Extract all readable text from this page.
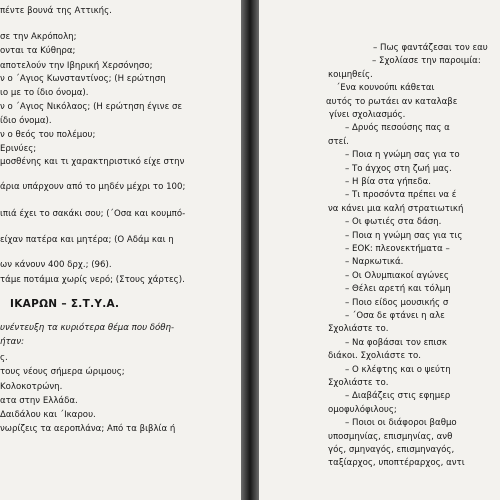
πέντε βουνά της Αττικής.
σε την Ακρόπολη;
ονται τα Κύθηρα;
αποτελούν την Ιβηρική Χερσόνησο;
ν ο ΄Αγιος Κωνσταντίνος; (Η ερώτηση
ιο με το ίδιο όνομα).
ν ο ΄Αγιος Νικόλαος; (Η ερώτηση έγινε σε
ίδιο όνομα).
ν ο θεός του πολέμου;
Ερινύες;
μοσθένης και τι χαρακτηριστικό είχε στην
άρια υπάρχουν από το μηδέν μέχρι το 100;
ιπιά έχει το σακάκι σου; (΄Οσα και κουμπό-
είχαν πατέρα και μητέρα; (Ο Αδάμ και η
ων κάνουν 400 δρχ.; (96).
τάμε ποτάμια χωρίς νερό; (Στους χάρτες).
ΙΚΑΡΩΝ – Σ.Τ.Υ.Α.
υνέντευξη τα κυριότερα θέμα που δόθη-
ήταν:
ς.
τους νέους σήμερα ώριμους;
Κολοκοτρώνη.
ατα στην Ελλάδα.
Δαιδάλου και ΄Ικαρου.
νωρίζεις τα αεροπλάνα; Από τα βιβλία ή
– Πως φαντάζεσαι τον εαυ
– Σχολίασε την παροιμία:
κοιμηθείς.
΄Ενα κουνούπι κάθεται
αυτός το ρωτάει αν καταλαβε
γίνει σχολιασμός.
– Δρυός πεσούσης πας α
στεί.
– Ποια η γνώμη σας για το
– Το άγχος στη ζωή μας.
– Η βία στα γήπεδα.
– Τι προσόντα πρέπει να έ
να κάνει μια καλή στρατιωτική
– Οι φωτιές στα δάση.
– Ποια η γνώμη σας για τις
– ΕΟΚ: πλεονεκτήματα –
– Ναρκωτικά.
– Οι Ολυμπιακοί αγώνες
– Θέλει αρετή και τόλμη
– Ποιο είδος μουσικής σ
– ΄Οσα δε φτάνει η αλε
Σχολιάστε το.
– Να φοβάσαι τον επισκ
διάκοι. Σχολιάστε το.
– Ο κλέφτης και ο ψεύτη
Σχολιάστε το.
– Διαβάζεις στις εφημερ
ομοφυλόφιλους;
– Ποιοι οι διάφοροι βαθμο
υποσμηνίας, επισμηνίας, ανθ
γός, σμηναγός, επισμηναγός,
ταξίαρχος, υποπτέραρχος, αντι
